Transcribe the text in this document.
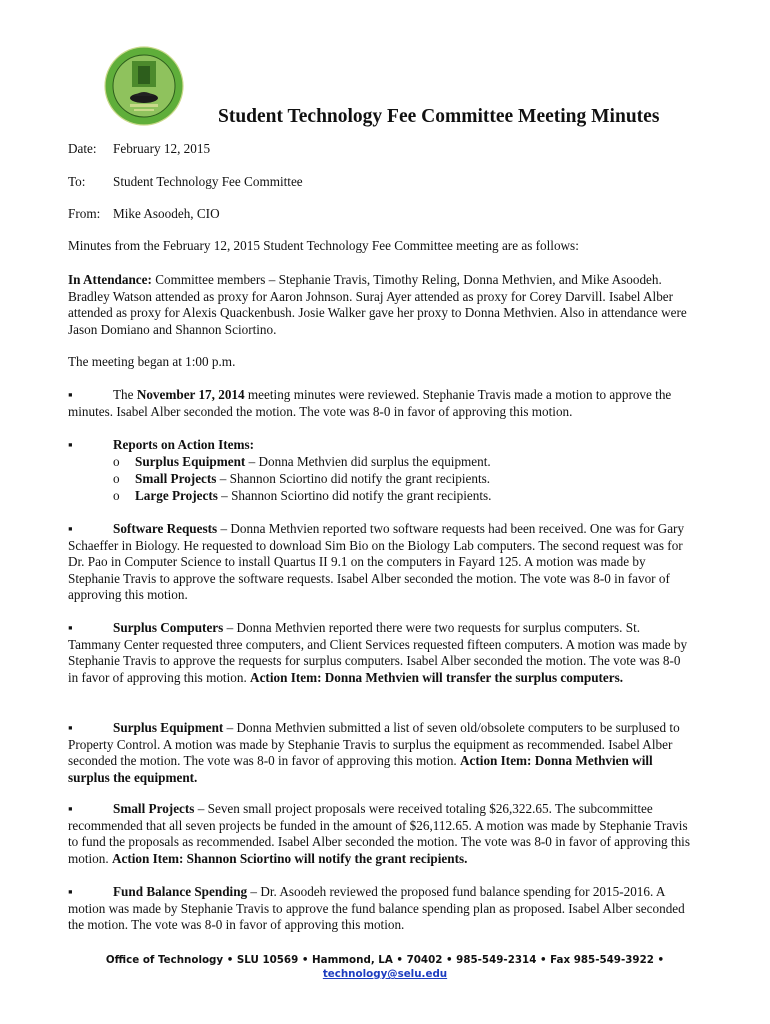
Student Technology Fee Committee Meeting Minutes
Date: February 12, 2015
To: Student Technology Fee Committee
From: Mike Asoodeh, CIO
Minutes from the February 12, 2015 Student Technology Fee Committee meeting are as follows:
In Attendance: Committee members – Stephanie Travis, Timothy Reling, Donna Methvien, and Mike Asoodeh. Bradley Watson attended as proxy for Aaron Johnson. Suraj Ayer attended as proxy for Corey Darvill. Isabel Alber attended as proxy for Alexis Quackenbush. Josie Walker gave her proxy to Donna Methvien. Also in attendance were Jason Domiano and Shannon Sciortino.
The meeting began at 1:00 p.m.
▪	The November 17, 2014 meeting minutes were reviewed. Stephanie Travis made a motion to approve the minutes. Isabel Alber seconded the motion. The vote was 8-0 in favor of approving this motion.
▪	Reports on Action Items:
o Surplus Equipment – Donna Methvien did surplus the equipment.
o Small Projects – Shannon Sciortino did notify the grant recipients.
o Large Projects – Shannon Sciortino did notify the grant recipients.
▪	Software Requests – Donna Methvien reported two software requests had been received. One was for Gary Schaeffer in Biology. He requested to download Sim Bio on the Biology Lab computers. The second request was for Dr. Pao in Computer Science to install Quartus II 9.1 on the computers in Fayard 125. A motion was made by Stephanie Travis to approve the software requests. Isabel Alber seconded the motion. The vote was 8-0 in favor of approving this motion.
▪	Surplus Computers – Donna Methvien reported there were two requests for surplus computers. St. Tammany Center requested three computers, and Client Services requested fifteen computers. A motion was made by Stephanie Travis to approve the requests for surplus computers. Isabel Alber seconded the motion. The vote was 8-0 in favor of approving this motion. Action Item: Donna Methvien will transfer the surplus computers.
▪	Surplus Equipment – Donna Methvien submitted a list of seven old/obsolete computers to be surplused to Property Control. A motion was made by Stephanie Travis to surplus the equipment as recommended. Isabel Alber seconded the motion. The vote was 8-0 in favor of approving this motion. Action Item: Donna Methvien will surplus the equipment.
▪	Small Projects – Seven small project proposals were received totaling $26,322.65. The subcommittee recommended that all seven projects be funded in the amount of $26,112.65. A motion was made by Stephanie Travis to fund the proposals as recommended. Isabel Alber seconded the motion. The vote was 8-0 in favor of approving this motion. Action Item: Shannon Sciortino will notify the grant recipients.
▪	Fund Balance Spending – Dr. Asoodeh reviewed the proposed fund balance spending for 2015-2016. A motion was made by Stephanie Travis to approve the fund balance spending plan as proposed. Isabel Alber seconded the motion. The vote was 8-0 in favor of approving this motion.
Office of Technology • SLU 10569 • Hammond, LA • 70402 • 985-549-2314 • Fax 985-549-3922 •
technology@selu.edu
